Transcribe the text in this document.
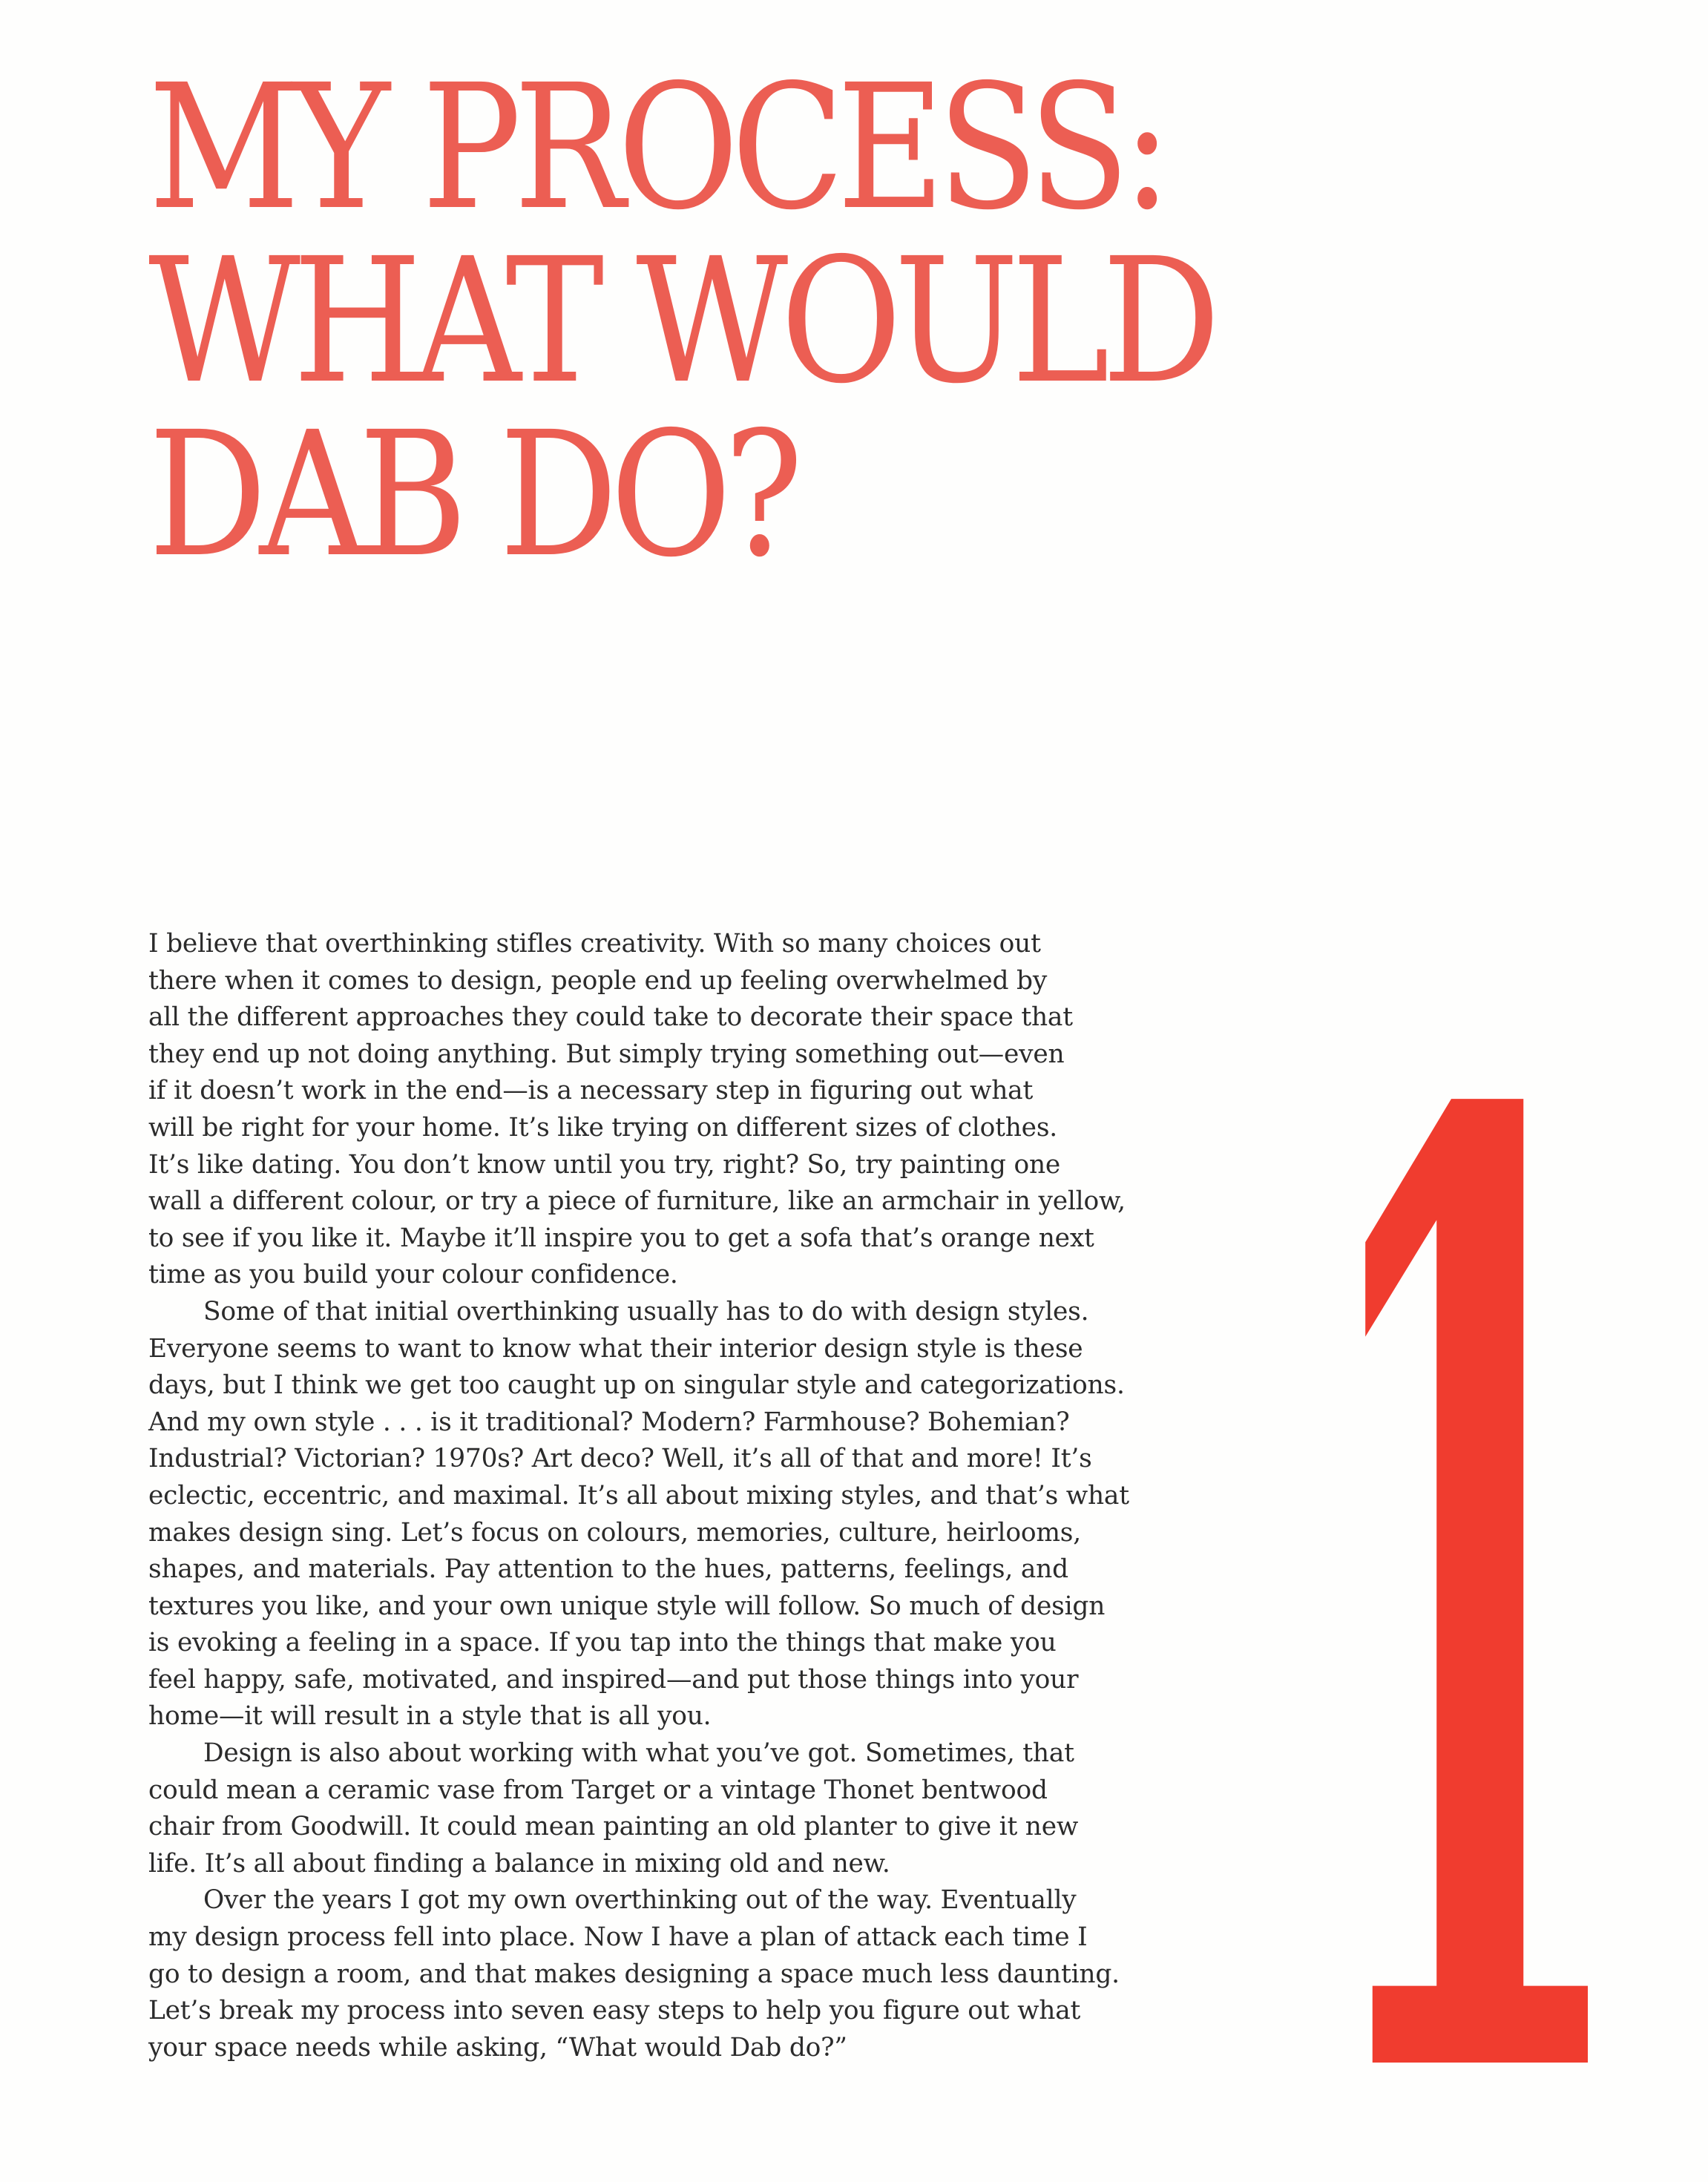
MY PROCESS:
WHAT WOULD
DAB DO?
I believe that overthinking stifles creativity. With so many choices out
there when it comes to design, people end up feeling overwhelmed by
all the different approaches they could take to decorate their space that
they end up not doing anything. But simply trying something out—even
if it doesn’t work in the end—is a necessary step in figuring out what
will be right for your home. It’s like trying on different sizes of clothes.
It’s like dating. You don’t know until you try, right? So, try painting one
wall a different colour, or try a piece of furniture, like an armchair in yellow,
to see if you like it. Maybe it’ll inspire you to get a sofa that’s orange next
time as you build your colour confidence.
Some of that initial overthinking usually has to do with design styles.
Everyone seems to want to know what their interior design style is these
days, but I think we get too caught up on singular style and categorizations.
And my own style . . . is it traditional? Modern? Farmhouse? Bohemian?
Industrial? Victorian? 1970s? Art deco? Well, it’s all of that and more! It’s
eclectic, eccentric, and maximal. It’s all about mixing styles, and that’s what
makes design sing. Let’s focus on colours, memories, culture, heirlooms,
shapes, and materials. Pay attention to the hues, patterns, feelings, and
textures you like, and your own unique style will follow. So much of design
is evoking a feeling in a space. If you tap into the things that make you
feel happy, safe, motivated, and inspired—and put those things into your
home—it will result in a style that is all you.
Design is also about working with what you’ve got. Sometimes, that
could mean a ceramic vase from Target or a vintage Thonet bentwood
chair from Goodwill. It could mean painting an old planter to give it new
life. It’s all about finding a balance in mixing old and new.
Over the years I got my own overthinking out of the way. Eventually
my design process fell into place. Now I have a plan of attack each time I
go to design a room, and that makes designing a space much less daunting.
Let’s break my process into seven easy steps to help you figure out what
your space needs while asking, “What would Dab do?” 1
